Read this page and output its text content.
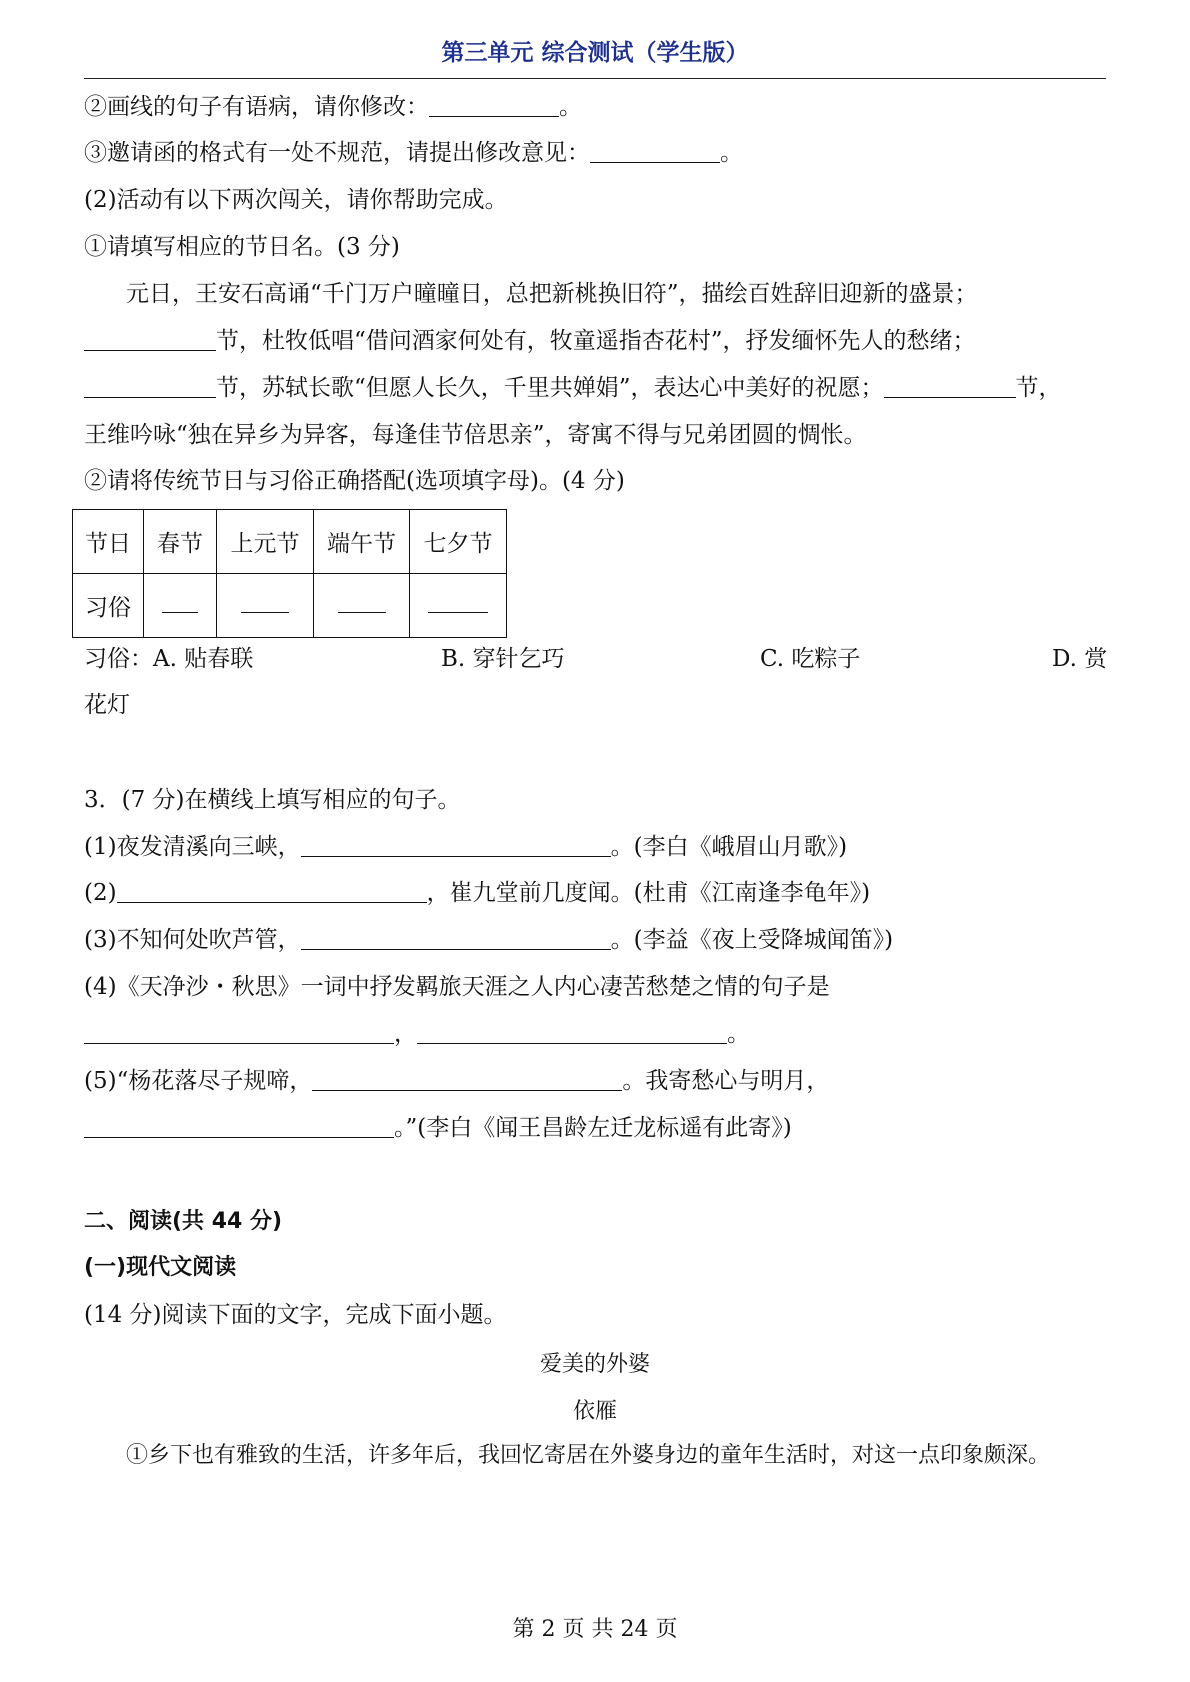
第三单元 综合测试（学生版）
②画线的句子有语病，请你修改：	。
③邀请函的格式有一处不规范，请提出修改意见：	。
(2)活动有以下两次闯关，请你帮助完成。
①请填写相应的节日名。(3 分)
元日，王安石高诵“千门万户曈曈日，总把新桃换旧符”，描绘百姓辞旧迎新的盛景；
节，杜牧低唱“借问酒家何处有，牧童遥指杏花村”，抒发缅怀先人的愁绪；
节，苏轼长歌“但愿人长久，千里共婵娟”，表达心中美好的祝愿；	节，
王维吟咏“独在异乡为异客，每逢佳节倍思亲”，寄寓不得与兄弟团圆的惆怅。
②请将传统节日与习俗正确搭配(选项填字母)。(4 分)
节日	春节	上元节	端午节	七夕节
习俗				
习俗：A. 贴春联	B. 穿针乞巧	C. 吃粽子	D. 赏
花灯
3．(7 分)在横线上填写相应的句子。
(1)夜发清溪向三峡，	。(李白《峨眉山月歌》)
(2)	，崔九堂前几度闻。(杜甫《江南逢李龟年》)
(3)不知何处吹芦管，	。(李益《夜上受降城闻笛》)
(4)《天净沙・秋思》一词中抒发羁旅天涯之人内心凄苦愁楚之情的句子是
，	。
(5)“杨花落尽子规啼，	。我寄愁心与明月，
。”(李白《闻王昌龄左迁龙标遥有此寄》)
二、阅读(共 44 分)
(一)现代文阅读
(14 分)阅读下面的文字，完成下面小题。
爱美的外婆
依雁
①乡下也有雅致的生活，许多年后，我回忆寄居在外婆身边的童年生活时，对这一点印象颇深。
第 2 页 共 24 页
